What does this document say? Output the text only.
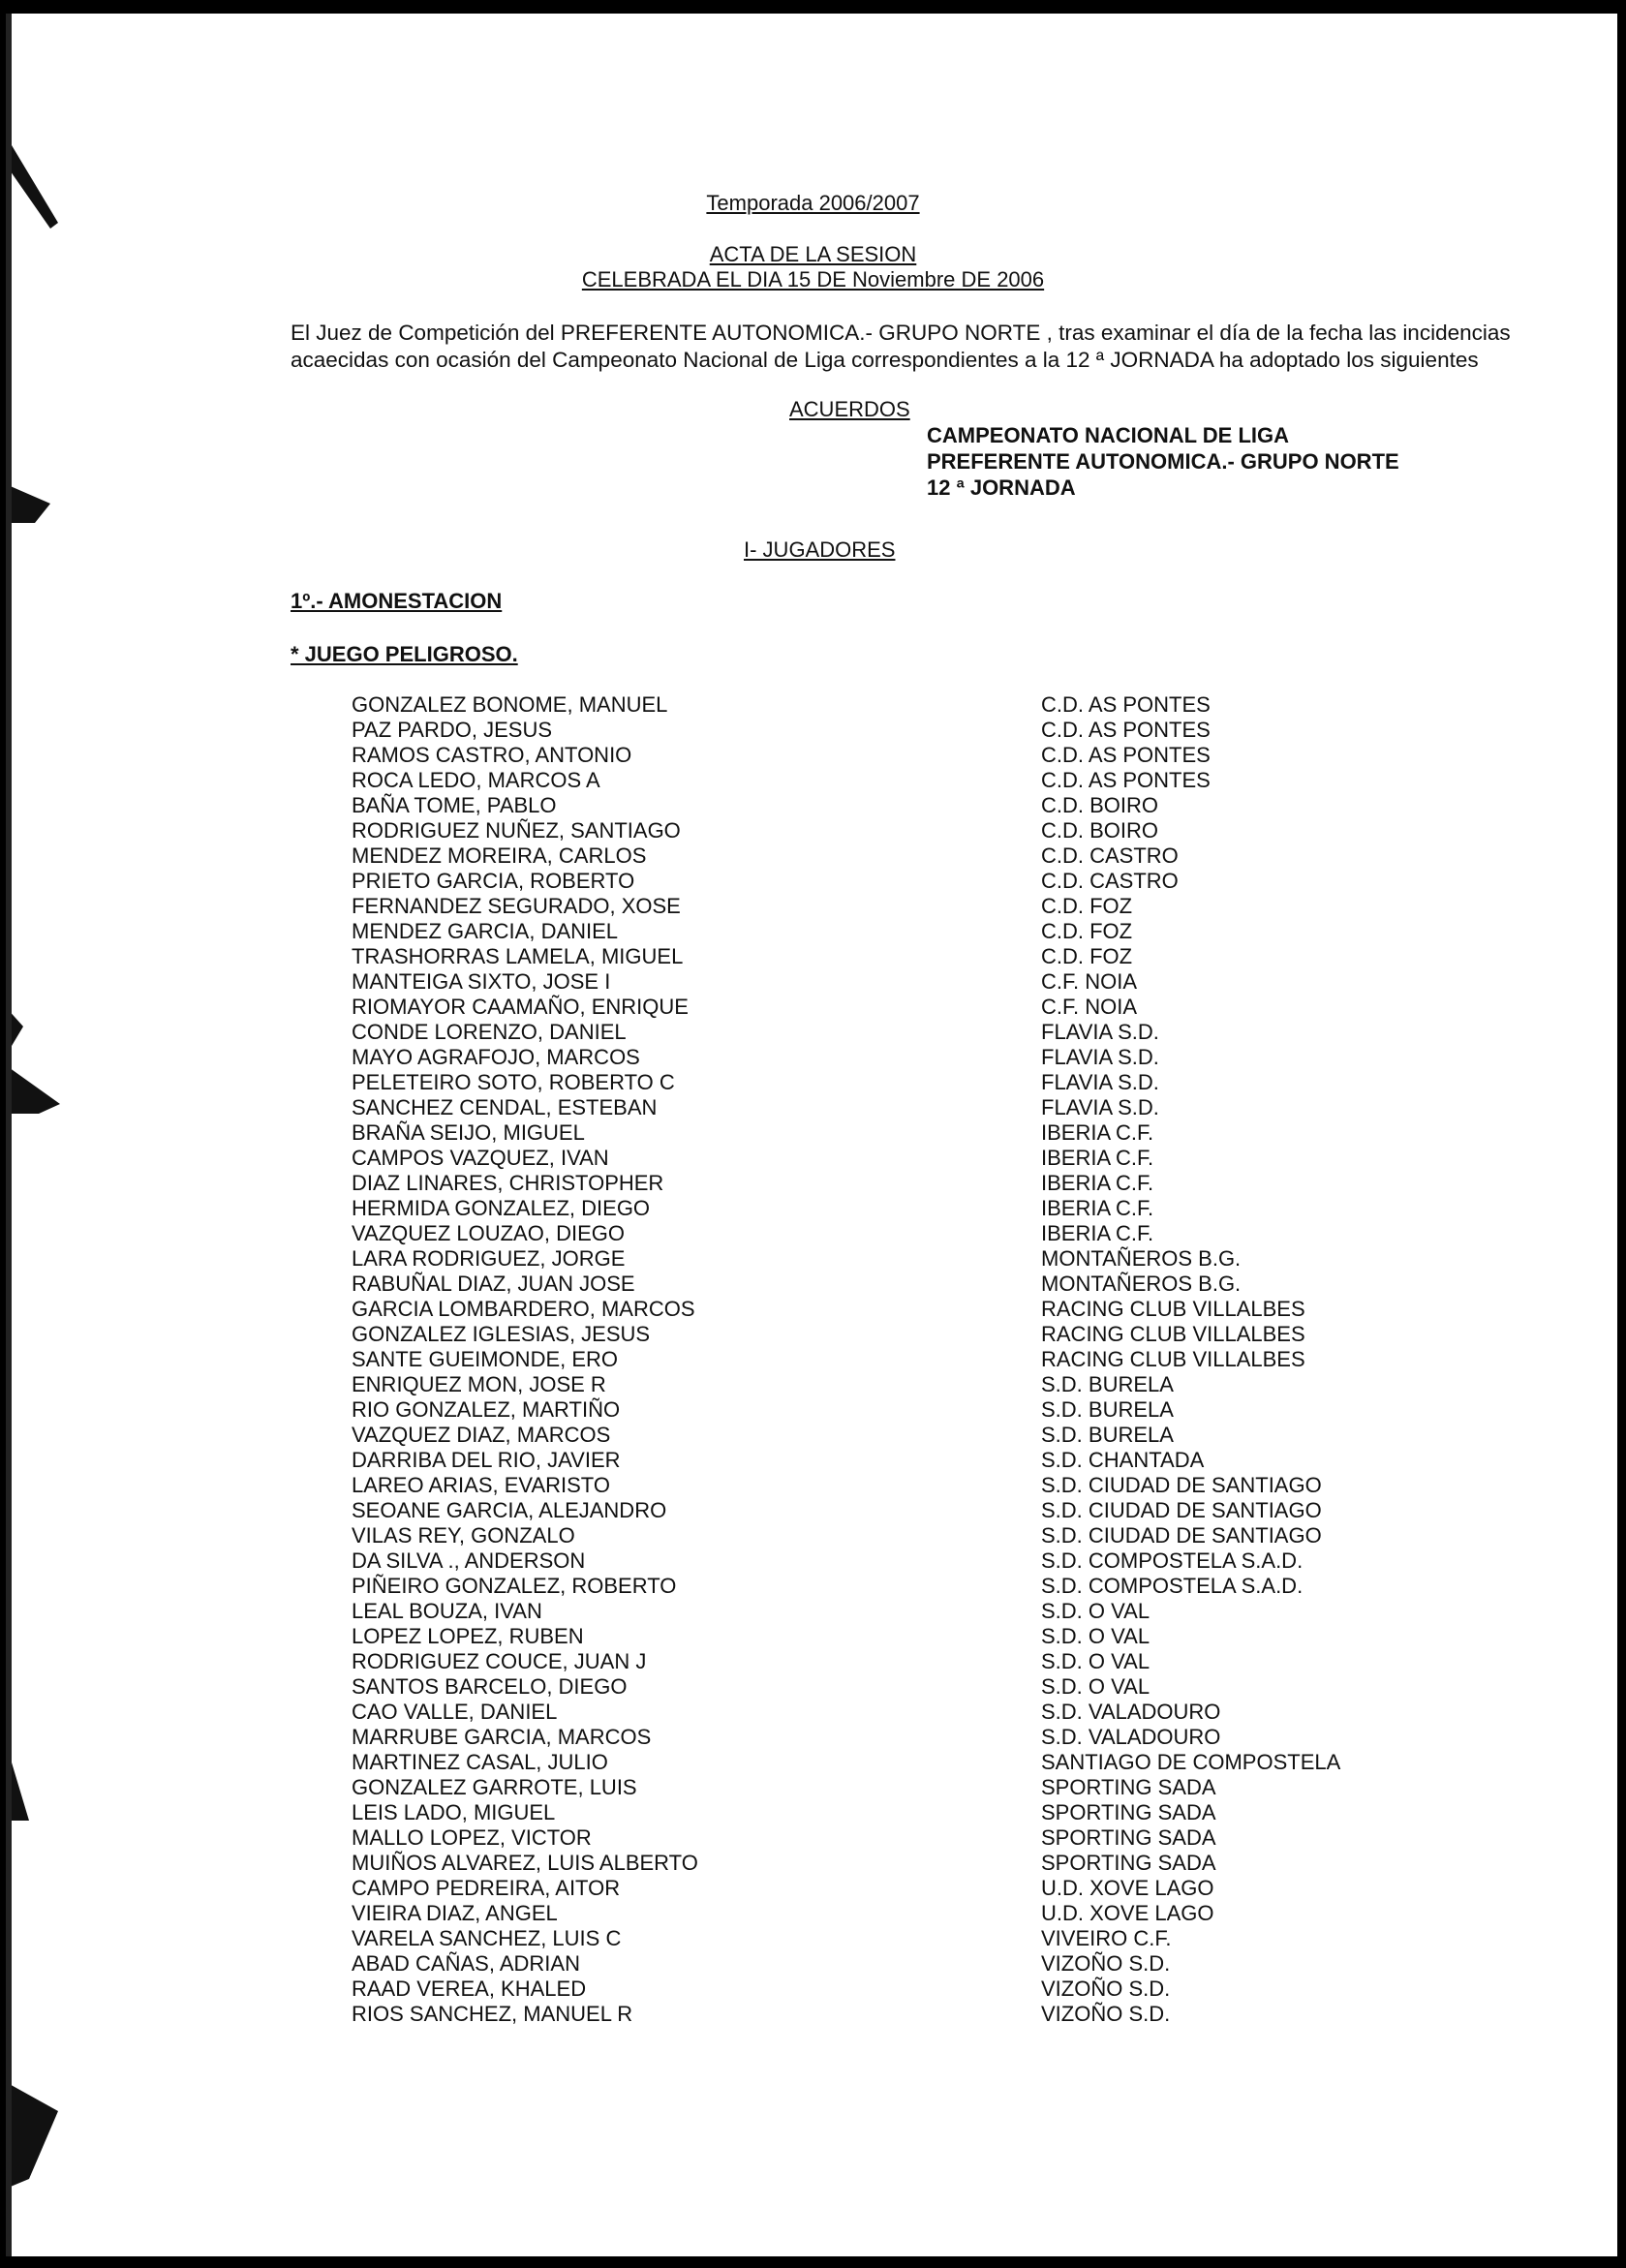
Temporada 2006/2007
ACTA DE LA SESION
CELEBRADA EL DIA 15 DE Noviembre DE 2006
El Juez de Competición del PREFERENTE AUTONOMICA.- GRUPO NORTE , tras examinar el día de la fecha las incidencias
acaecidas con ocasión del Campeonato Nacional de Liga correspondientes a la 12 ª JORNADA ha adoptado los siguientes
ACUERDOS
CAMPEONATO NACIONAL DE LIGA
PREFERENTE AUTONOMICA.- GRUPO NORTE
12 ª JORNADA
I- JUGADORES
1º.- AMONESTACION
* JUEGO PELIGROSO.
GONZALEZ BONOME, MANUEL	C.D. AS PONTES
PAZ PARDO, JESUS	C.D. AS PONTES
RAMOS CASTRO, ANTONIO	C.D. AS PONTES
ROCA LEDO, MARCOS A	C.D. AS PONTES
BAÑA TOME, PABLO	C.D. BOIRO
RODRIGUEZ NUÑEZ, SANTIAGO	C.D. BOIRO
MENDEZ MOREIRA, CARLOS	C.D. CASTRO
PRIETO GARCIA, ROBERTO	C.D. CASTRO
FERNANDEZ SEGURADO, XOSE	C.D. FOZ
MENDEZ GARCIA, DANIEL	C.D. FOZ
TRASHORRAS LAMELA, MIGUEL	C.D. FOZ
MANTEIGA SIXTO, JOSE I	C.F. NOIA
RIOMAYOR CAAMAÑO, ENRIQUE	C.F. NOIA
CONDE LORENZO, DANIEL	FLAVIA S.D.
MAYO AGRAFOJO, MARCOS	FLAVIA S.D.
PELETEIRO SOTO, ROBERTO C	FLAVIA S.D.
SANCHEZ CENDAL, ESTEBAN	FLAVIA S.D.
BRAÑA SEIJO, MIGUEL	IBERIA C.F.
CAMPOS VAZQUEZ, IVAN	IBERIA C.F.
DIAZ LINARES, CHRISTOPHER	IBERIA C.F.
HERMIDA GONZALEZ, DIEGO	IBERIA C.F.
VAZQUEZ LOUZAO, DIEGO	IBERIA C.F.
LARA RODRIGUEZ, JORGE	MONTAÑEROS B.G.
RABUÑAL DIAZ, JUAN JOSE	MONTAÑEROS B.G.
GARCIA LOMBARDERO, MARCOS	RACING CLUB VILLALBES
GONZALEZ IGLESIAS, JESUS	RACING CLUB VILLALBES
SANTE GUEIMONDE, ERO	RACING CLUB VILLALBES
ENRIQUEZ MON, JOSE R	S.D. BURELA
RIO GONZALEZ, MARTIÑO	S.D. BURELA
VAZQUEZ DIAZ, MARCOS	S.D. BURELA
DARRIBA DEL RIO, JAVIER	S.D. CHANTADA
LAREO ARIAS, EVARISTO	S.D. CIUDAD DE SANTIAGO
SEOANE GARCIA, ALEJANDRO	S.D. CIUDAD DE SANTIAGO
VILAS REY, GONZALO	S.D. CIUDAD DE SANTIAGO
DA SILVA ., ANDERSON	S.D. COMPOSTELA S.A.D.
PIÑEIRO GONZALEZ, ROBERTO	S.D. COMPOSTELA S.A.D.
LEAL BOUZA, IVAN	S.D. O VAL
LOPEZ LOPEZ, RUBEN	S.D. O VAL
RODRIGUEZ COUCE, JUAN J	S.D. O VAL
SANTOS BARCELO, DIEGO	S.D. O VAL
CAO VALLE, DANIEL	S.D. VALADOURO
MARRUBE GARCIA, MARCOS	S.D. VALADOURO
MARTINEZ CASAL, JULIO	SANTIAGO DE COMPOSTELA
GONZALEZ GARROTE, LUIS	SPORTING SADA
LEIS LADO, MIGUEL	SPORTING SADA
MALLO LOPEZ, VICTOR	SPORTING SADA
MUIÑOS ALVAREZ, LUIS ALBERTO	SPORTING SADA
CAMPO PEDREIRA, AITOR	U.D. XOVE LAGO
VIEIRA DIAZ, ANGEL	U.D. XOVE LAGO
VARELA SANCHEZ, LUIS C	VIVEIRO C.F.
ABAD CAÑAS, ADRIAN	VIZOÑO S.D.
RAAD VEREA, KHALED	VIZOÑO S.D.
RIOS SANCHEZ, MANUEL R	VIZOÑO S.D.
